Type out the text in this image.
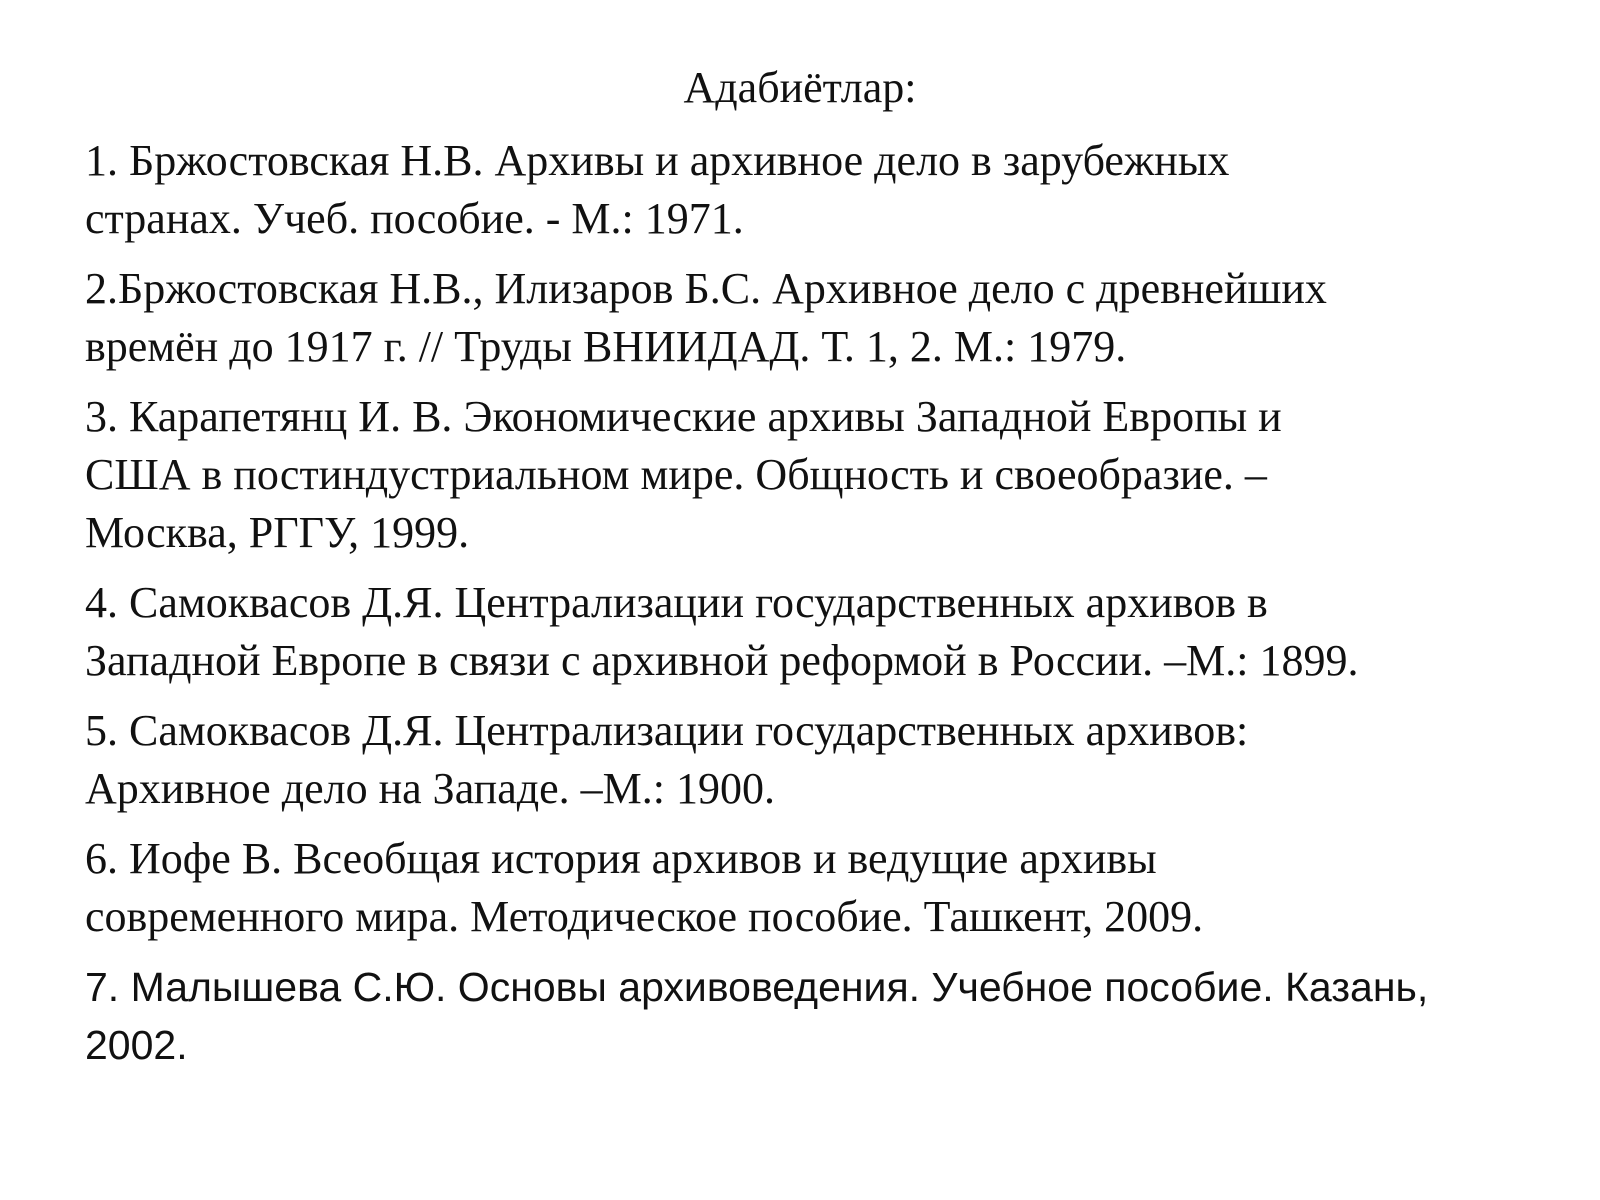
Адабиётлар:
1. Бржостовская Н.В. Архивы и архивное дело в зарубежных
странах. Учеб. пособие. - М.: 1971.
2.Бржостовская Н.В., Илизаров Б.С. Архивное дело с древнейших
времён до 1917 г. // Труды ВНИИДАД. Т. 1, 2. М.: 1979.
3. Карапетянц И. В. Экономические архивы Западной Европы и
США в постиндустриальном мире. Общность и своеобразие. –
Москва, РГГУ, 1999.
4. Самоквасов Д.Я. Централизации государственных архивов в
Западной Европе в связи с архивной реформой в России. –М.: 1899.
5. Самоквасов Д.Я. Централизации государственных архивов:
Архивное дело на Западе. –М.: 1900.
6. Иофе В. Всеобщая история архивов и ведущие архивы
современного мира. Методическое пособие. Ташкент, 2009.
7. Малышева С.Ю. Основы архивоведения. Учебное пособие. Казань,
2002.
